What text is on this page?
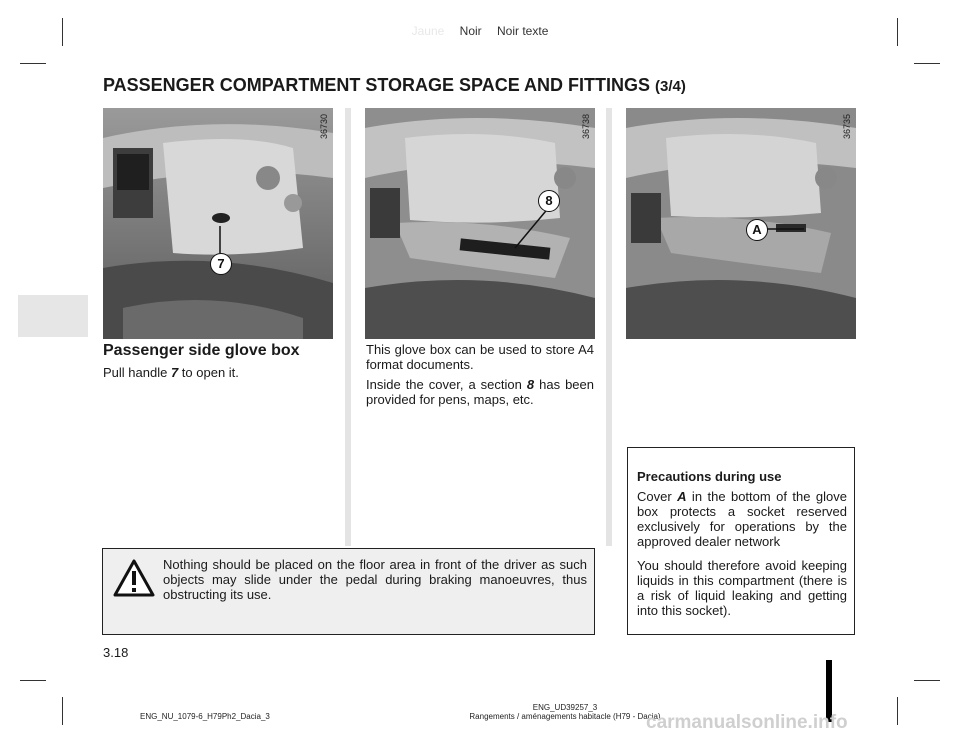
Jaune Noir Noir texte
PASSENGER COMPARTMENT STORAGE SPACE AND FITTINGS (3/4)
7
36730
8
36738
A
36735
Passenger side glove box
Pull handle 7 to open it.
This glove box can be used to store A4 format documents.
Inside the cover, a section 8 has been provided for pens, maps, etc.
Nothing should be placed on the floor area in front of the driver as such objects may slide under the pedal during braking manoeuvres, thus obstructing its use.
Precautions during use
Cover A in the bottom of the glove box protects a socket reserved exclusively for operations by the approved dealer network
You should therefore avoid keeping liquids in this compartment (there is a risk of liquid leaking and getting into this socket).
3.18
ENG_NU_1079-6_H79Ph2_Dacia_3
ENG_UD39257_3
Rangements / aménagements habitacle (H79 - Dacia)
carmanualsonline.info
